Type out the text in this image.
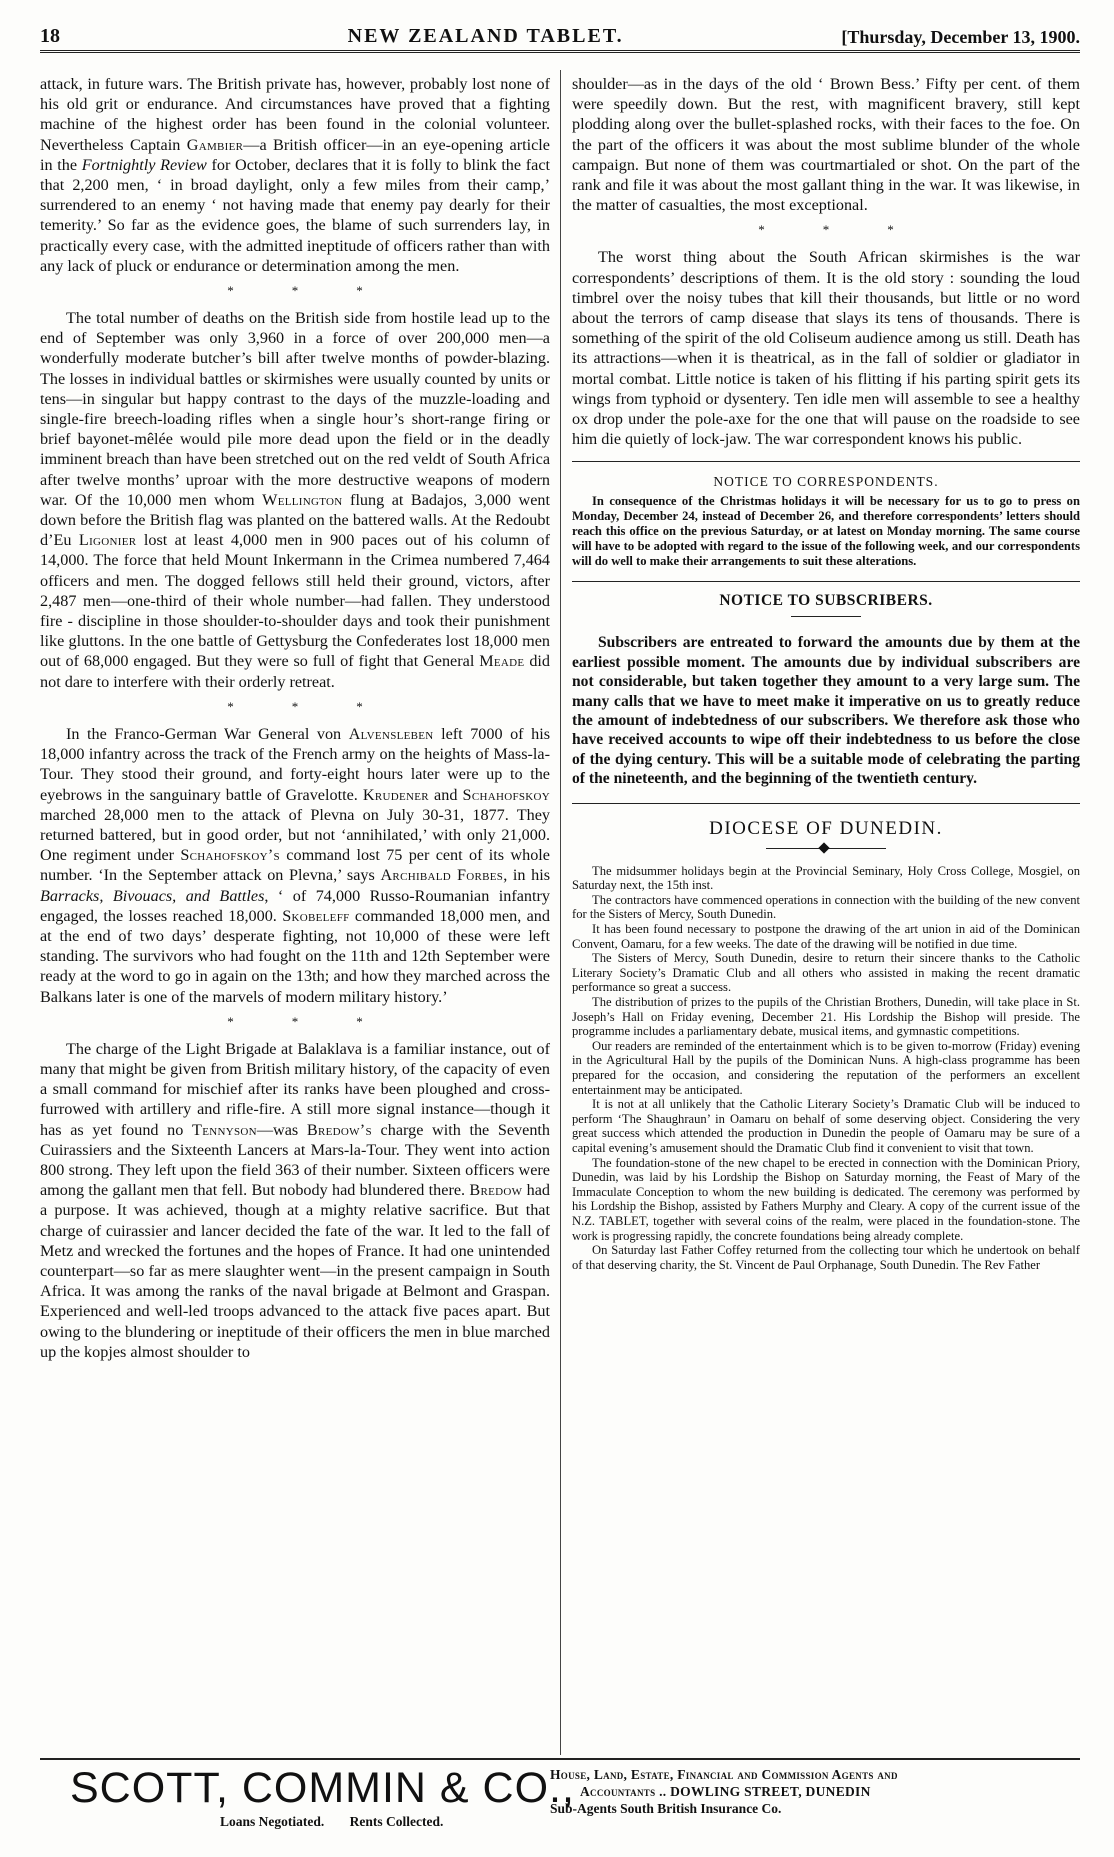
18	NEW ZEALAND TABLET.	[Thursday, December 13, 1900.

attack, in future wars. The British private has, however, probably lost none of his old grit or endurance. And circumstances have proved that a fighting machine of the highest order has been found in the colonial volunteer. Nevertheless Captain Gambier—a British officer—in an eye-opening article in the Fortnightly Review for October, declares that it is folly to blink the fact that 2,200 men, ‘ in broad daylight, only a few miles from their camp,’ surrendered to an enemy ‘ not having made that enemy pay dearly for their temerity.’ So far as the evidence goes, the blame of such surrenders lay, in practically every case, with the admitted ineptitude of officers rather than with any lack of pluck or endurance or determination among the men.

***

The total number of deaths on the British side from hostile lead up to the end of September was only 3,960 in a force of over 200,000 men—a wonderfully moderate butcher’s bill after twelve months of powder-blazing. The losses in individual battles or skirmishes were usually counted by units or tens—in singular but happy contrast to the days of the muzzle-loading and single-fire breech-loading rifles when a single hour’s short-range firing or brief bayonet-mêlée would pile more dead upon the field or in the deadly imminent breach than have been stretched out on the red veldt of South Africa after twelve months’ uproar with the more destructive weapons of modern war. Of the 10,000 men whom Wellington flung at Badajos, 3,000 went down before the British flag was planted on the battered walls. At the Redoubt d’Eu Ligonier lost at least 4,000 men in 900 paces out of his column of 14,000. The force that held Mount Inkermann in the Crimea numbered 7,464 officers and men. The dogged fellows still held their ground, victors, after 2,487 men—one-third of their whole number—had fallen. They understood fire - discipline in those shoulder-to-shoulder days and took their punishment like gluttons. In the one battle of Gettysburg the Confederates lost 18,000 men out of 68,000 engaged. But they were so full of fight that General Meade did not dare to interfere with their orderly retreat.

***

In the Franco-German War General von Alvensleben left 7000 of his 18,000 infantry across the track of the French army on the heights of Mass-la-Tour. They stood their ground, and forty-eight hours later were up to the eyebrows in the sanguinary battle of Gravelotte. Krudener and Schahofskoy marched 28,000 men to the attack of Plevna on July 30-31, 1877. They returned battered, but in good order, but not ‘annihilated,’ with only 21,000. One regiment under Schahofskoy’s command lost 75 per cent of its whole number. ‘In the September attack on Plevna,’ says Archibald Forbes, in his Barracks, Bivouacs, and Battles, ‘ of 74,000 Russo-Roumanian infantry engaged, the losses reached 18,000. Skobeleff commanded 18,000 men, and at the end of two days’ desperate fighting, not 10,000 of these were left standing. The survivors who had fought on the 11th and 12th September were ready at the word to go in again on the 13th; and how they marched across the Balkans later is one of the marvels of modern military history.’

***

The charge of the Light Brigade at Balaklava is a familiar instance, out of many that might be given from British military history, of the capacity of even a small command for mischief after its ranks have been ploughed and cross-furrowed with artillery and rifle-fire. A still more signal instance—though it has as yet found no Tennyson—was Bredow’s charge with the Seventh Cuirassiers and the Sixteenth Lancers at Mars-la-Tour. They went into action 800 strong. They left upon the field 363 of their number. Sixteen officers were among the gallant men that fell. But nobody had blundered there. Bredow had a purpose. It was achieved, though at a mighty relative sacrifice. But that charge of cuirassier and lancer decided the fate of the war. It led to the fall of Metz and wrecked the fortunes and the hopes of France. It had one unintended counterpart—so far as mere slaughter went—in the present campaign in South Africa. It was among the ranks of the naval brigade at Belmont and Graspan. Experienced and well-led troops advanced to the attack five paces apart. But owing to the blundering or ineptitude of their officers the men in blue marched up the kopjes almost shoulder to

shoulder—as in the days of the old ‘ Brown Bess.’ Fifty per cent. of them were speedily down. But the rest, with magnificent bravery, still kept plodding along over the bullet-splashed rocks, with their faces to the foe. On the part of the officers it was about the most sublime blunder of the whole campaign. But none of them was courtmartialed or shot. On the part of the rank and file it was about the most gallant thing in the war. It was likewise, in the matter of casualties, the most exceptional.

***

The worst thing about the South African skirmishes is the war correspondents’ descriptions of them. It is the old story : sounding the loud timbrel over the noisy tubes that kill their thousands, but little or no word about the terrors of camp disease that slays its tens of thousands. There is something of the spirit of the old Coliseum audience among us still. Death has its attractions—when it is theatrical, as in the fall of soldier or gladiator in mortal combat. Little notice is taken of his flitting if his parting spirit gets its wings from typhoid or dysentery. Ten idle men will assemble to see a healthy ox drop under the pole-axe for the one that will pause on the roadside to see him die quietly of lock-jaw. The war correspondent knows his public.

NOTICE TO CORRESPONDENTS.

In consequence of the Christmas holidays it will be necessary for us to go to press on Monday, December 24, instead of December 26, and therefore correspondents’ letters should reach this office on the previous Saturday, or at latest on Monday morning. The same course will have to be adopted with regard to the issue of the following week, and our correspondents will do well to make their arrangements to suit these alterations.

NOTICE TO SUBSCRIBERS.

Subscribers are entreated to forward the amounts due by them at the earliest possible moment. The amounts due by individual subscribers are not considerable, but taken together they amount to a very large sum. The many calls that we have to meet make it imperative on us to greatly reduce the amount of indebtedness of our subscribers. We therefore ask those who have received accounts to wipe off their indebtedness to us before the close of the dying century. This will be a suitable mode of celebrating the parting of the nineteenth, and the beginning of the twentieth century.

DIOCESE OF DUNEDIN.

The midsummer holidays begin at the Provincial Seminary, Holy Cross College, Mosgiel, on Saturday next, the 15th inst.

The contractors have commenced operations in connection with the building of the new convent for the Sisters of Mercy, South Dunedin.

It has been found necessary to postpone the drawing of the art union in aid of the Dominican Convent, Oamaru, for a few weeks. The date of the drawing will be notified in due time.

The Sisters of Mercy, South Dunedin, desire to return their sincere thanks to the Catholic Literary Society’s Dramatic Club and all others who assisted in making the recent dramatic performance so great a success.

The distribution of prizes to the pupils of the Christian Brothers, Dunedin, will take place in St. Joseph’s Hall on Friday evening, December 21. His Lordship the Bishop will preside. The programme includes a parliamentary debate, musical items, and gymnastic competitions.

Our readers are reminded of the entertainment which is to be given to-morrow (Friday) evening in the Agricultural Hall by the pupils of the Dominican Nuns. A high-class programme has been prepared for the occasion, and considering the reputation of the performers an excellent entertainment may be anticipated.

It is not at all unlikely that the Catholic Literary Society’s Dramatic Club will be induced to perform ‘The Shaughraun’ in Oamaru on behalf of some deserving object. Considering the very great success which attended the production in Dunedin the people of Oamaru may be sure of a capital evening’s amusement should the Dramatic Club find it convenient to visit that town.

The foundation-stone of the new chapel to be erected in connection with the Dominican Priory, Dunedin, was laid by his Lordship the Bishop on Saturday morning, the Feast of Mary of the Immaculate Conception to whom the new building is dedicated. The ceremony was performed by his Lordship the Bishop, assisted by Fathers Murphy and Cleary. A copy of the current issue of the N.Z. TABLET, together with several coins of the realm, were placed in the foundation-stone. The work is progressing rapidly, the concrete foundations being already complete.

On Saturday last Father Coffey returned from the collecting tour which he undertook on behalf of that deserving charity, the St. Vincent de Paul Orphanage, South Dunedin. The Rev Father

SCOTT, COMMIN & CO.,
Loans Negotiated. Rents Collected.
House, Land, Estate, Financial and Commission Agents and
Accountants .. DOWLING STREET, DUNEDIN
Sub-Agents South British Insurance Co.
